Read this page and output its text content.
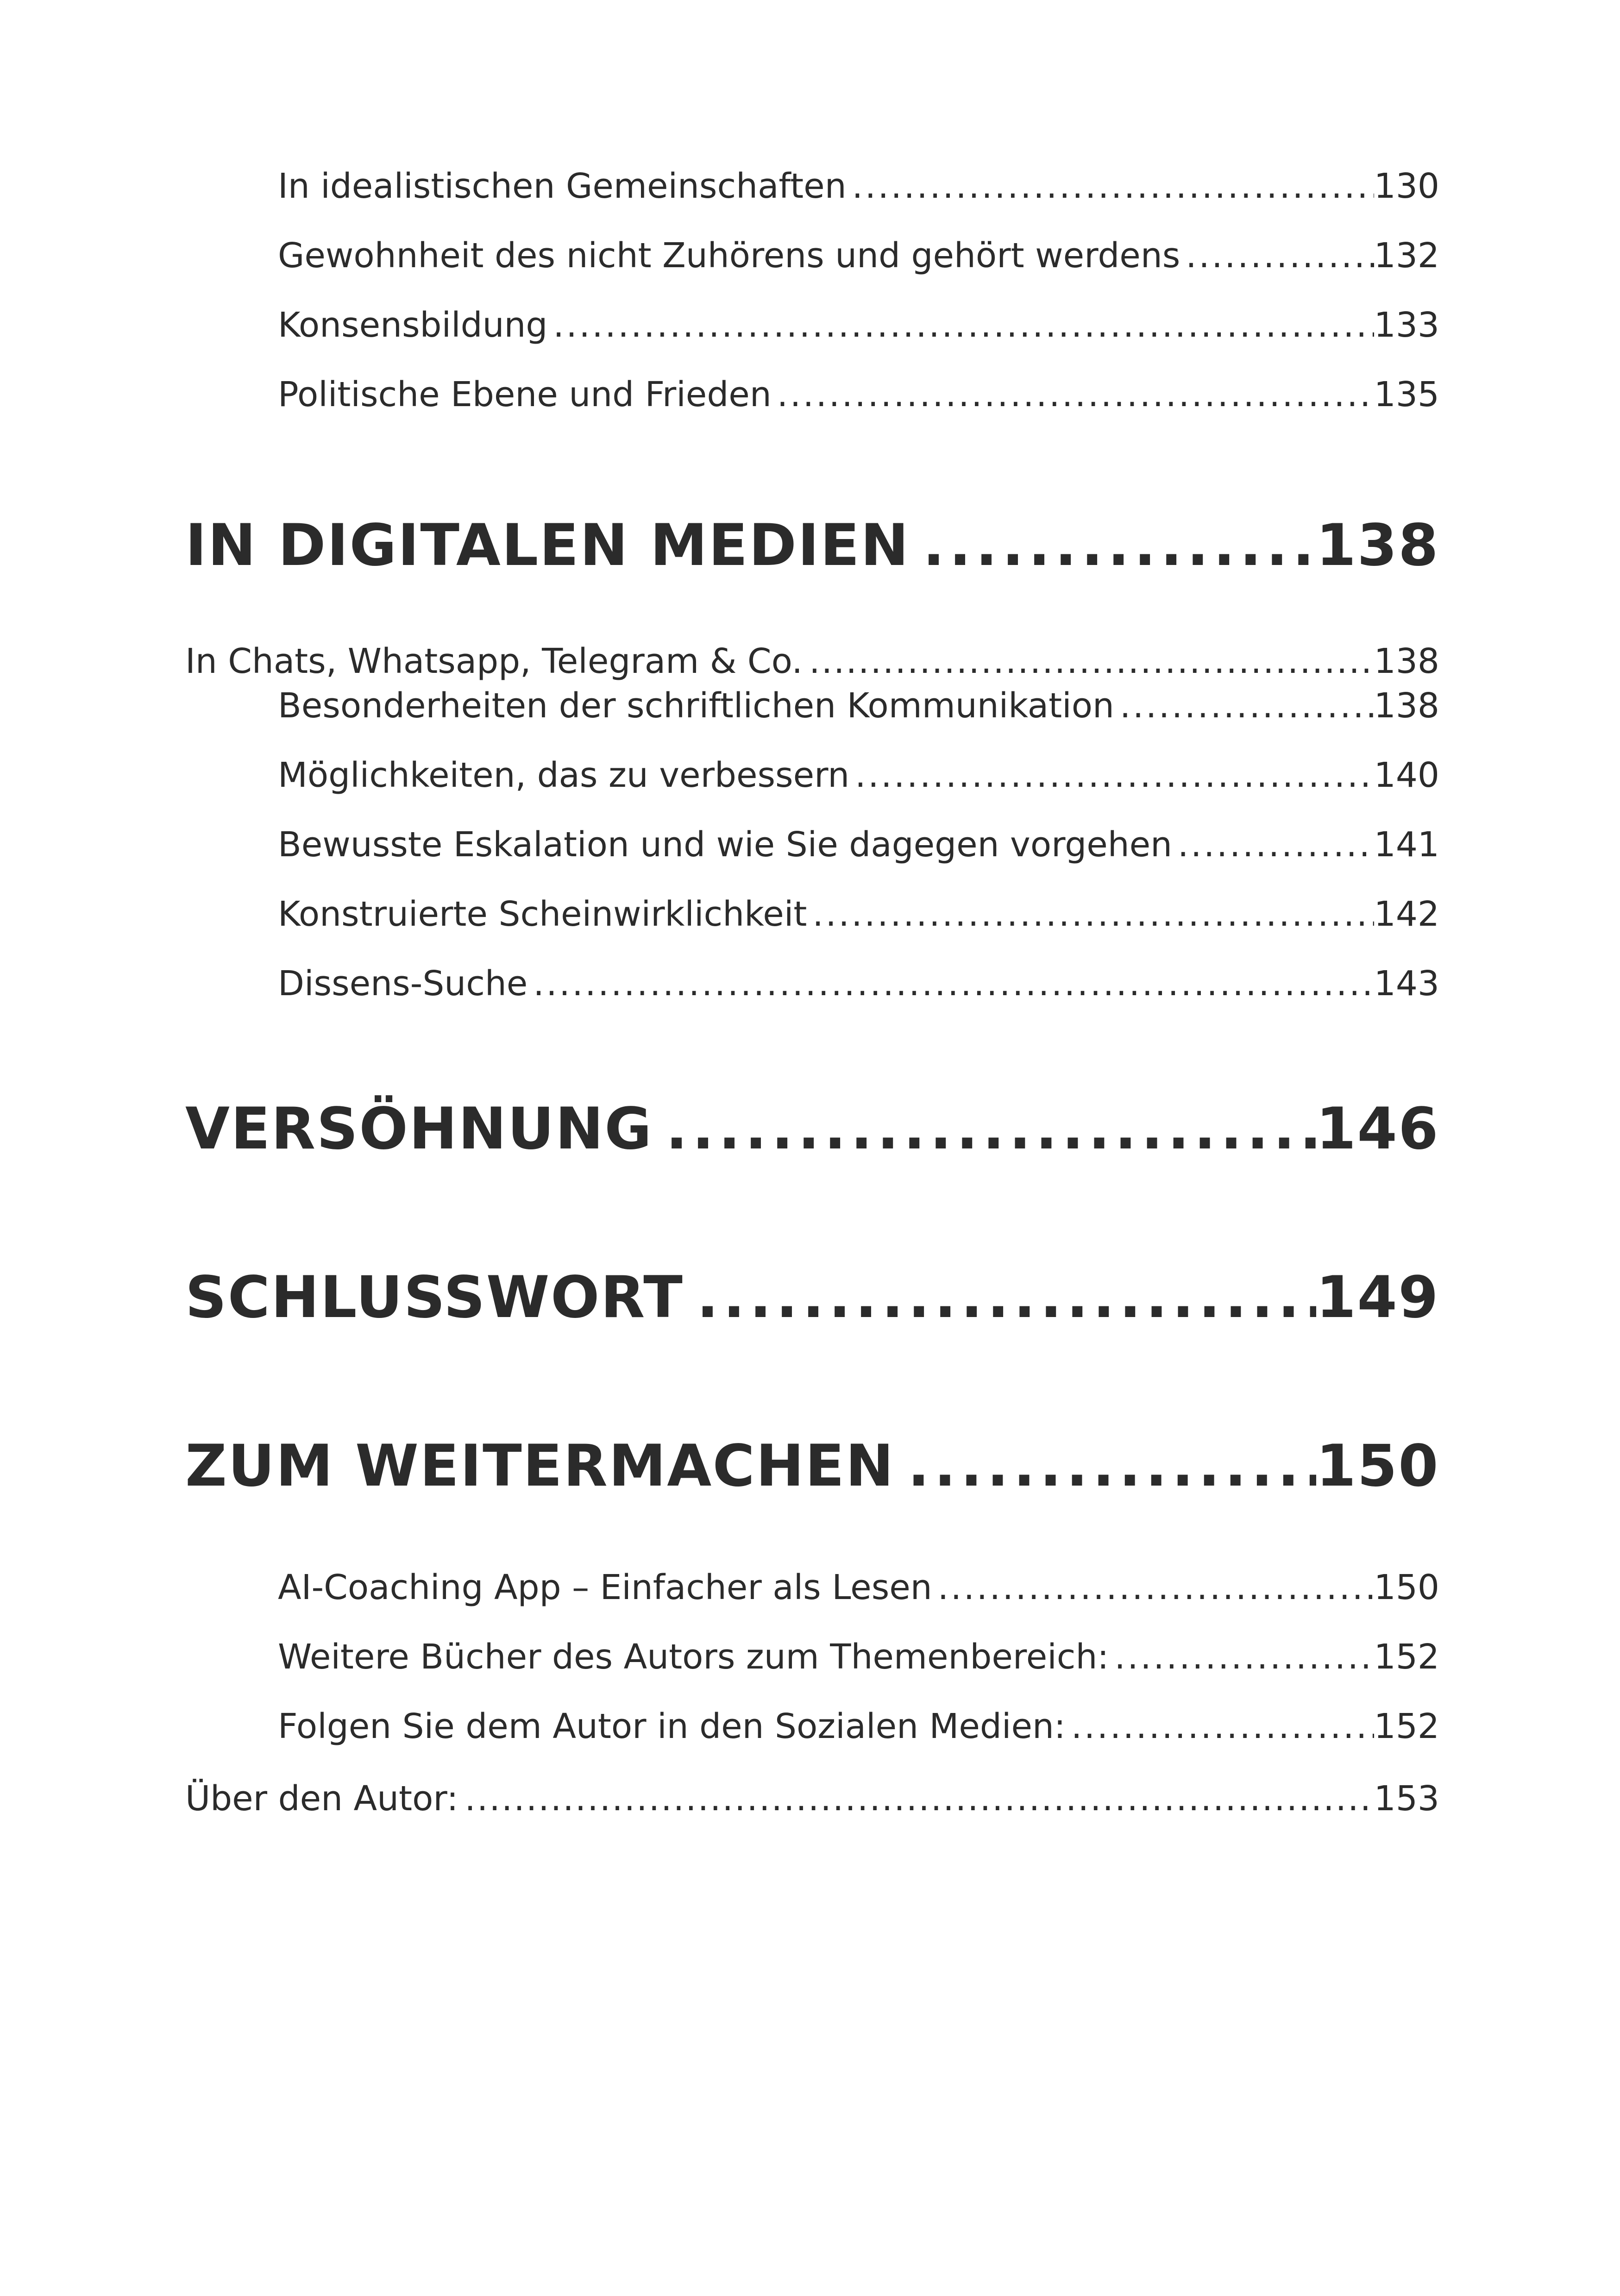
In idealistischen Gemeinschaften .....	130
Gewohnheit des nicht Zuhörens und gehört werdens .....	132
Konsensbildung .....	133
Politische Ebene und Frieden .....	135
IN DIGITALEN MEDIEN .....	138
In Chats, Whatsapp, Telegram & Co. .....	138
Besonderheiten der schriftlichen Kommunikation .....	138
Möglichkeiten, das zu verbessern .....	140
Bewusste Eskalation und wie Sie dagegen vorgehen .....	141
Konstruierte Scheinwirklichkeit .....	142
Dissens-Suche .....	143
VERSÖHNUNG .....	146
SCHLUSSWORT .....	149
ZUM WEITERMACHEN .....	150
AI-Coaching App – Einfacher als Lesen .....	150
Weitere Bücher des Autors zum Themenbereich: .....	152
Folgen Sie dem Autor in den Sozialen Medien: .....	152
Über den Autor: .....	153
